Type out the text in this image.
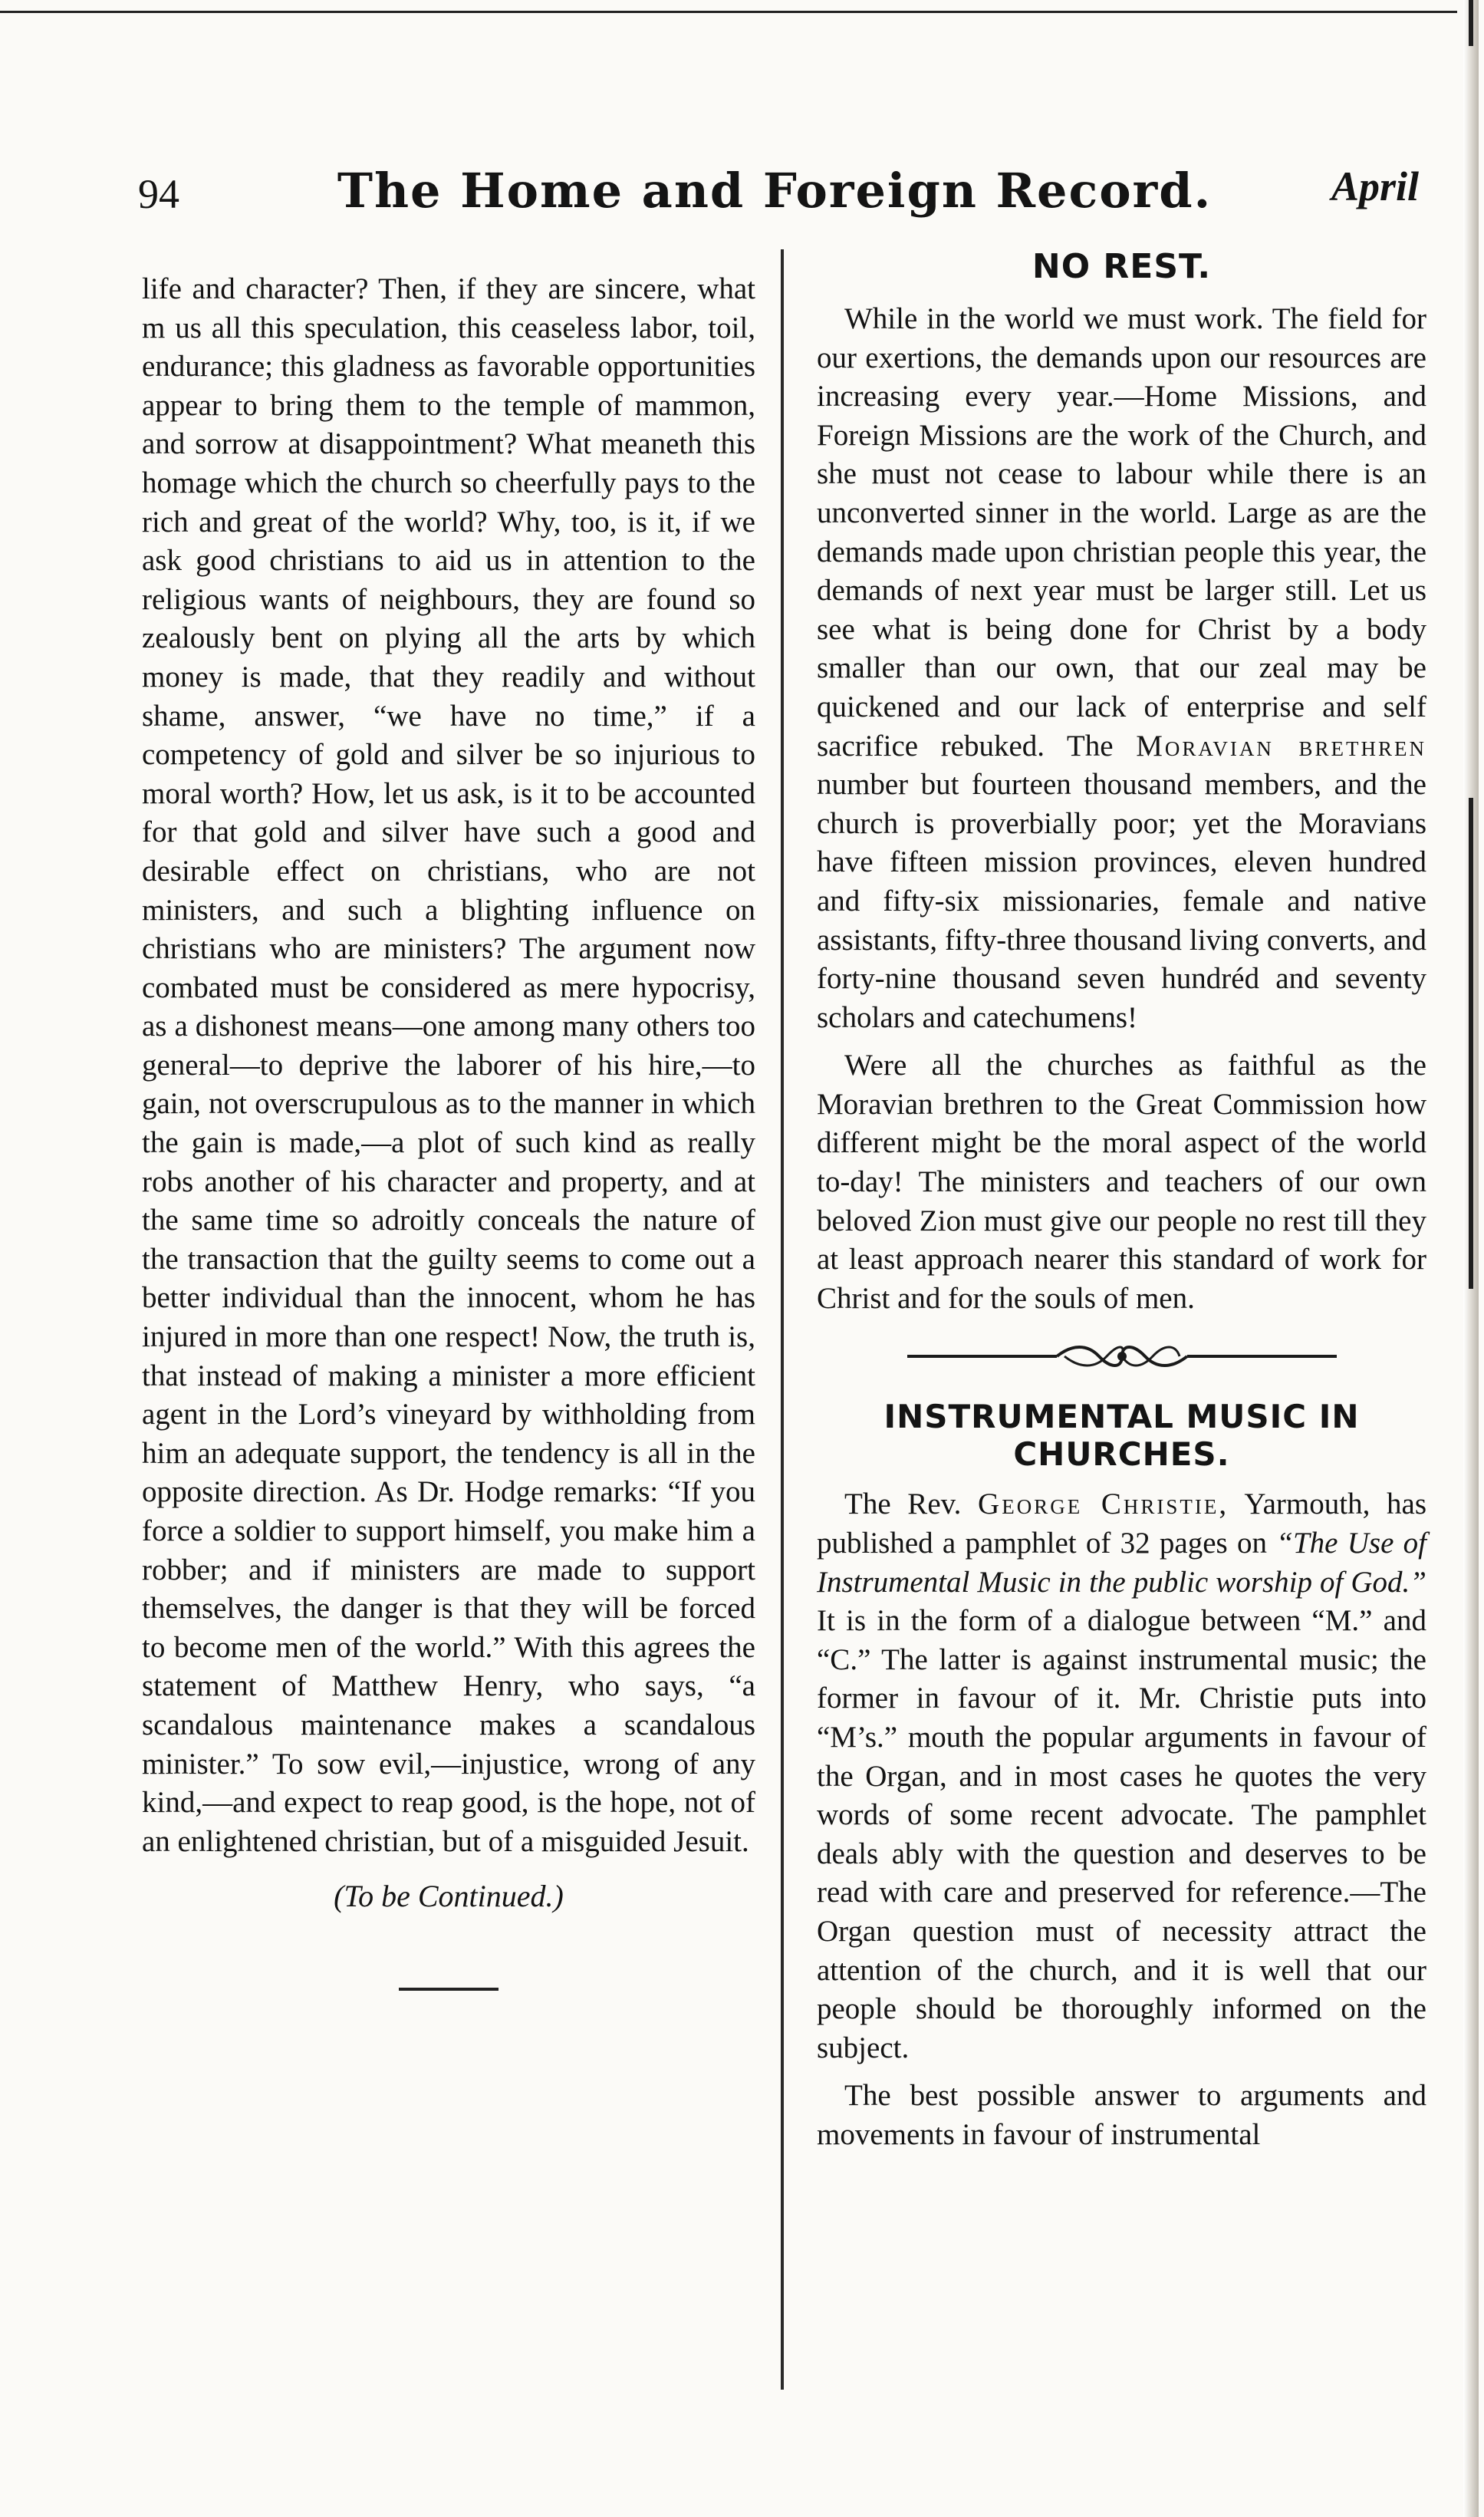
94	The Home and Foreign Record.	April

life and character? Then, if they are sincere, what m us all this speculation, this ceaseless labor, toil, endurance; this gladness as favorable opportunities appear to bring them to the temple of mammon, and sorrow at disappointment? What meaneth this homage which the church so cheerfully pays to the rich and great of the world? Why, too, is it, if we ask good christians to aid us in attention to the religious wants of neighbours, they are found so zealously bent on plying all the arts by which money is made, that they readily and without shame, answer, “we have no time,” if a competency of gold and silver be so injurious to moral worth? How, let us ask, is it to be accounted for that gold and silver have such a good and desirable effect on christians, who are not ministers, and such a blighting influence on christians who are ministers? The argument now combated must be considered as mere hypocrisy, as a dishonest means—one among many others too general—to deprive the laborer of his hire,—to gain, not overscrupulous as to the manner in which the gain is made,—a plot of such kind as really robs another of his character and property, and at the same time so adroitly conceals the nature of the transaction that the guilty seems to come out a better individual than the innocent, whom he has injured in more than one respect! Now, the truth is, that instead of making a minister a more efficient agent in the Lord’s vineyard by withholding from him an adequate support, the tendency is all in the opposite direction. As Dr. Hodge remarks: “If you force a soldier to support himself, you make him a robber; and if ministers are made to support themselves, the danger is that they will be forced to become men of the world.” With this agrees the statement of Matthew Henry, who says, “a scandalous maintenance makes a scandalous minister.” To sow evil,—injustice, wrong of any kind,—and expect to reap good, is the hope, not of an enlightened christian, but of a misguided Jesuit.

(To be Continued.)
NO REST.

While in the world we must work. The field for our exertions, the demands upon our resources are increasing every year.—Home Missions, and Foreign Missions are the work of the Church, and she must not cease to labour while there is an unconverted sinner in the world. Large as are the demands made upon christian people this year, the demands of next year must be larger still. Let us see what is being done for Christ by a body smaller than our own, that our zeal may be quickened and our lack of enterprise and self sacrifice rebuked. The Moravian brethren number but fourteen thousand members, and the church is proverbially poor; yet the Moravians have fifteen mission provinces, eleven hundred and fifty-six missionaries, female and native assistants, fifty-three thousand living converts, and forty-nine thousand seven hundréd and seventy scholars and catechumens!

Were all the churches as faithful as the Moravian brethren to the Great Commission how different might be the moral aspect of the world to-day! The ministers and teachers of our own beloved Zion must give our people no rest till they at least approach nearer this standard of work for Christ and for the souls of men.

INSTRUMENTAL MUSIC IN CHURCHES.

The Rev. George Christie, Yarmouth, has published a pamphlet of 32 pages on “The Use of Instrumental Music in the public worship of God.” It is in the form of a dialogue between “M.” and “C.” The latter is against instrumental music; the former in favour of it. Mr. Christie puts into “M’s.” mouth the popular arguments in favour of the Organ, and in most cases he quotes the very words of some recent advocate. The pamphlet deals ably with the question and deserves to be read with care and preserved for reference.—The Organ question must of necessity attract the attention of the church, and it is well that our people should be thoroughly informed on the subject.

The best possible answer to arguments and movements in favour of instrumental
